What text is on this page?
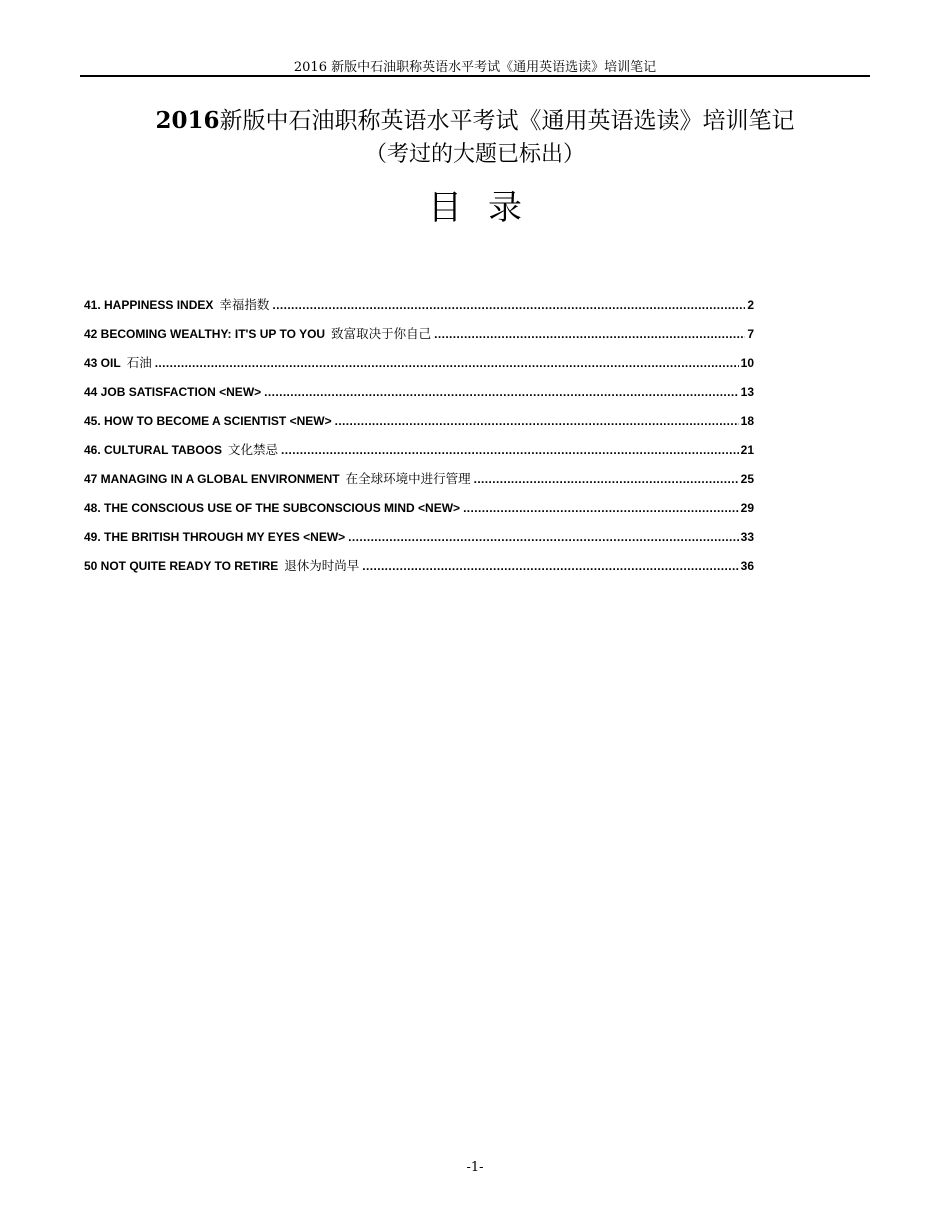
2016 新版中石油职称英语水平考试《通用英语选读》培训笔记
2016新版中石油职称英语水平考试《通用英语选读》培训笔记
（考过的大题已标出）
目录
41. HAPPINESS INDEX 幸福指数 .....	2
42 BECOMING WEALTHY: IT'S UP TO YOU 致富取决于你自己 .....	7
43 OIL 石油 .....	10
44 JOB SATISFACTION <NEW> .....	13
45. HOW TO BECOME A SCIENTIST <NEW> .....	18
46. CULTURAL TABOOS 文化禁忌 .....	21
47 MANAGING IN A GLOBAL ENVIRONMENT 在全球环境中进行管理 .....	25
48. THE CONSCIOUS USE OF THE SUBCONSCIOUS MIND <NEW> .....	29
49. THE BRITISH THROUGH MY EYES <NEW> .....	33
50 NOT QUITE READY TO RETIRE 退休为时尚早 .....	36
-1-
